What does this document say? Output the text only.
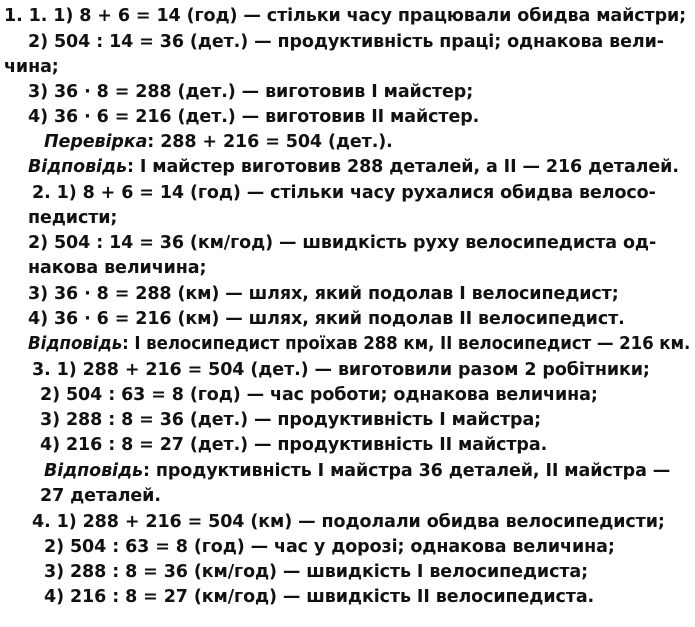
1. 1. 1) 8 + 6 = 14 (год) — стільки часу працювали обидва майстри;
2) 504 : 14 = 36 (дет.) — продуктивність праці; однакова вели-
чина;
3) 36 · 8 = 288 (дет.) — виготовив I майстер;
4) 36 · 6 = 216 (дет.) — виготовив II майстер.
Перевірка: 288 + 216 = 504 (дет.).
Відповідь: I майстер виготовив 288 деталей, а II — 216 деталей.
2. 1) 8 + 6 = 14 (год) — стільки часу рухалися обидва велосо-
педисти;
2) 504 : 14 = 36 (км/год) — швидкість руху велосипедиста од-
накова величина;
3) 36 · 8 = 288 (км) — шлях, який подолав I велосипедист;
4) 36 · 6 = 216 (км) — шлях, який подолав II велосипедист.
Відповідь: I велосипедист проїхав 288 км, II велосипедист — 216 км.
3. 1) 288 + 216 = 504 (дет.) — виготовили разом 2 робітники;
2) 504 : 63 = 8 (год) — час роботи; однакова величина;
3) 288 : 8 = 36 (дет.) — продуктивність I майстра;
4) 216 : 8 = 27 (дет.) — продуктивність II майстра.
Відповідь: продуктивність I майстра 36 деталей, II майстра —
27 деталей.
4. 1) 288 + 216 = 504 (км) — подолали обидва велосипедисти;
2) 504 : 63 = 8 (год) — час у дорозі; однакова величина;
3) 288 : 8 = 36 (км/год) — швидкість I велосипедиста;
4) 216 : 8 = 27 (км/год) — швидкість II велосипедиста.
